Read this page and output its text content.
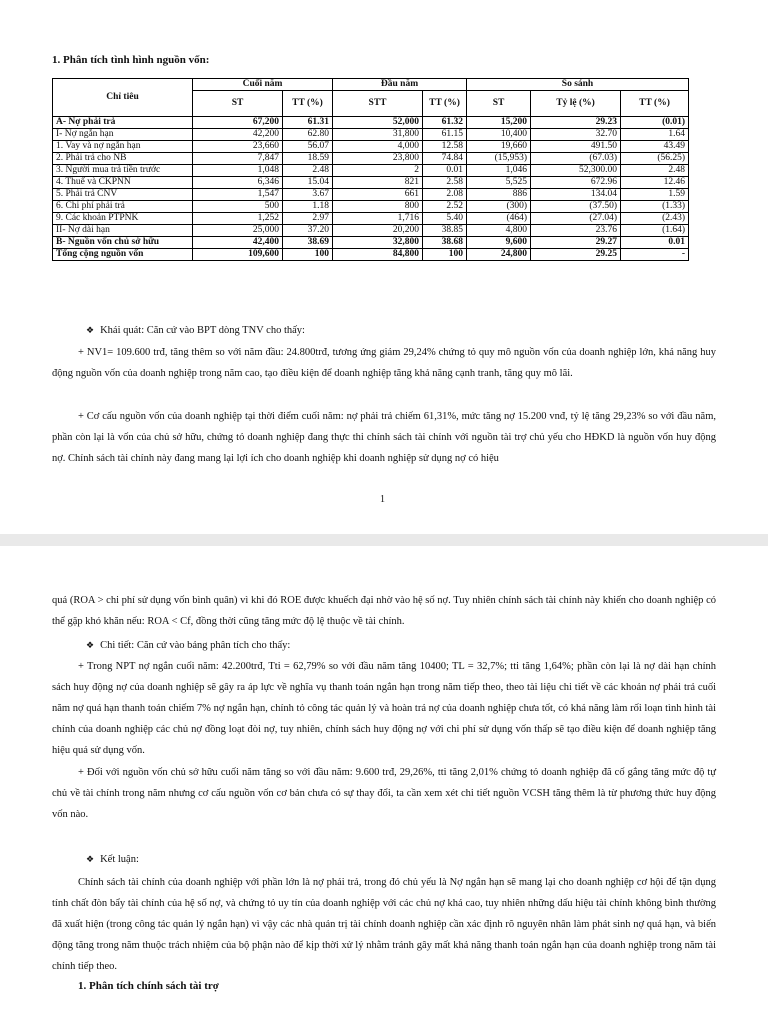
1. Phân tích tình hình nguồn vốn:
Chỉ tiêu	Cuối năm		Đầu năm		So sánh		
	ST	TT (%)	STT	TT (%)	ST	Tỷ lệ (%)	TT (%)
A- Nợ phải trả	67,200	61.31	52,000	61.32	15,200	29.23	(0.01)
I- Nợ ngắn hạn	42,200	62.80	31,800	61.15	10,400	32.70	1.64
1. Vay và nợ ngắn hạn	23,660	56.07	4,000	12.58	19,660	491.50	43.49
2. Phải trả cho NB	7,847	18.59	23,800	74.84	(15,953)	(67.03)	(56.25)
3. Người mua trả tiền trước	1,048	2.48	2	0.01	1,046	52,300.00	2.48
4. Thuế và CKPNN	6,346	15.04	821	2.58	5,525	672.96	12.46
5. Phải trả CNV	1,547	3.67	661	2.08	886	134.04	1.59
6. Chi phí phải trả	500	1.18	800	2.52	(300)	(37.50)	(1.33)
9. Các khoản PTPNK	1,252	2.97	1,716	5.40	(464)	(27.04)	(2.43)
II- Nợ dài hạn	25,000	37.20	20,200	38.85	4,800	23.76	(1.64)
B- Nguồn vốn chủ sở hữu	42,400	38.69	32,800	38.68	9,600	29.27	0.01
Tổng cộng nguồn vốn	109,600	100	84,800	100	24,800	29.25	-
❖ Khái quát: Căn cứ vào BPT dòng TNV cho thấy:
+ NV1= 109.600 trđ, tăng thêm so với năm đầu: 24.800trđ, tương ứng giảm 29,24% chứng tỏ quy mô nguồn vốn của doanh nghiệp lớn, khả năng huy động nguồn vốn của doanh nghiệp trong năm cao, tạo điều kiện để doanh nghiệp tăng khả năng cạnh tranh, tăng quy mô lãi.
+ Cơ cấu nguồn vốn của doanh nghiệp tại thời điểm cuối năm: nợ phải trả chiếm 61,31%, mức tăng nợ 15.200 vnđ, tỷ lệ tăng 29,23% so với đầu năm, phần còn lại là vốn của chủ sở hữu, chứng tỏ doanh nghiệp đang thực thi chính sách tài chính với nguồn tài trợ chủ yếu cho HĐKD là nguồn vốn huy động nợ. Chính sách tài chính này đang mang lại lợi ích cho doanh nghiệp khi doanh nghiệp sử dụng nợ có hiệu
1
quả (ROA > chi phí sử dụng vốn bình quân) vì khi đó ROE được khuếch đại nhờ vào hệ số nợ. Tuy nhiên chính sách tài chính này khiến cho doanh nghiệp có thể gặp khó khăn nếu: ROA < Cf, đồng thời cũng tăng mức độ lệ thuộc về tài chính.
❖ Chi tiết: Căn cứ vào bảng phân tích cho thấy:
+ Trong NPT nợ ngắn cuối năm: 42.200trđ, Tti = 62,79% so với đầu năm tăng 10400; TL = 32,7%; tti tăng 1,64%; phần còn lại là nợ dài hạn chính sách huy động nợ của doanh nghiệp sẽ gây ra áp lực về nghĩa vụ thanh toán ngắn hạn trong năm tiếp theo, theo tài liệu chi tiết về các khoản nợ phải trả cuối năm nợ quá hạn thanh toán chiếm 7% nợ ngắn hạn, chính tỏ công tác quản lý và hoàn trả nợ của doanh nghiệp chưa tốt, có khả năng làm rối loạn tình hình tài chính của doanh nghiệp các chủ nợ đồng loạt đòi nợ, tuy nhiên, chính sách huy động nợ với chi phí sử dụng vốn thấp sẽ tạo điều kiện để doanh nghiệp tăng hiệu quả sử dụng vốn.
+ Đối với nguồn vốn chủ sở hữu cuối năm tăng so với đầu năm: 9.600 trđ, 29,26%, tti tăng 2,01% chứng tỏ doanh nghiệp đã cố gắng tăng mức độ tự chủ về tài chính trong năm nhưng cơ cấu nguồn vốn cơ bản chưa có sự thay đổi, ta cần xem xét chi tiết nguồn VCSH tăng thêm là từ phương thức huy động vốn nào.
❖ Kết luận:
Chính sách tài chính của doanh nghiệp với phần lớn là nợ phải trả, trong đó chủ yếu là Nợ ngắn hạn sẽ mang lại cho doanh nghiệp cơ hội để tận dụng tính chất đòn bẩy tài chính của hệ số nợ, và chứng tỏ uy tín của doanh nghiệp với các chủ nợ khá cao, tuy nhiên những dấu hiệu tài chính không bình thường đã xuất hiện (trong công tác quản lý ngắn hạn) vì vậy các nhà quản trị tài chính doanh nghiệp cần xác định rõ nguyên nhân làm phát sinh nợ quá hạn, và biến động tăng trong năm thuộc trách nhiệm của bộ phận nào để kịp thời xử lý nhằm tránh gây mất khả năng thanh toán ngắn hạn của doanh nghiệp trong năm tài chính tiếp theo.
1. Phân tích chính sách tài trợ
